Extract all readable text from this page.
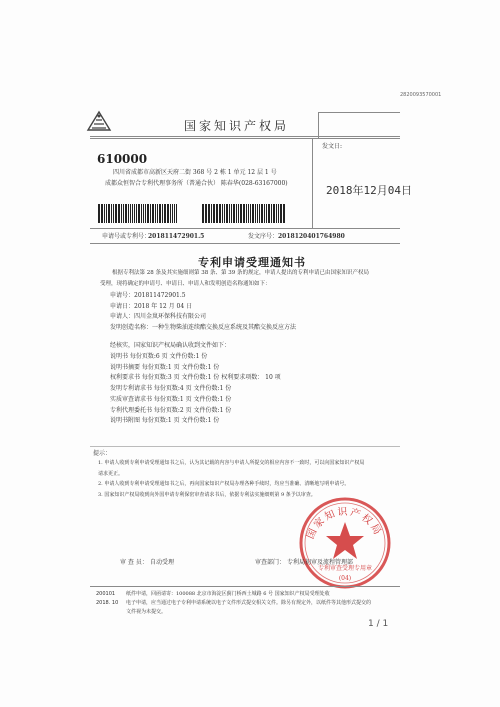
2820093570001
国家知识产权局
610000
四川省成都市高新区天府二街 368 号 2 栋 1 单元 12 层 1 号
成都众恒智合专利代理事务所（普通合伙） 陈春华(028-63167000)
发文日:
2018年12月04日
申请号或专利号：
201811472901.5	发文序号： 2018120401764980
专利申请受理通知书
根据专利法第 28 条及其实施细则第 38 条、第 39 条的规定，申请人提出的专利申请已由国家知识产权局
受理，现将确定的申请号、申请日、申请人和发明创造名称通知如下：
申请号：201811472901.5
申请日：2018 年 12 月 04 日
申请人：四川金岚环保科技有限公司
发明创造名称：一种生物柴油连续酯交换反应系统及其酯交换反应方法
经核实，国家知识产权局确认收到文件如下：
说明书 每份页数:6 页 文件份数:1 份
说明书摘要 每份页数:1 页 文件份数:1 份
权利要求书 每份页数:3 页 文件份数:1 份 权利要求项数： 10 项
发明专利请求书 每份页数:4 页 文件份数:1 份
实质审查请求书 每份页数:1 页 文件份数:1 份
专利代理委托书 每份页数:2 页 文件份数:1 份
说明书附图 每份页数:1 页 文件份数:1 份
提示：
1. 申请人收到专利申请受理通知书之后，认为其记载的内容与申请人所提交的相应内容不一致时，可以向国家知识产权局
请求更正。
2. 申请人收到专利申请受理通知书之后，再向国家知识产权局办理各种手续时，均应当准确、清晰地写明申请号。
3. 国家知识产权局收到向外国申请专利保密审查请求书后，依据专利法实施细则第 9 条予以审查。
国家知识产权局
专利审查受理专用章
(04)
审 查 员： 自动受理	审查部门： 专利局初审及流程管理部
200101
2018. 10
纸件申请，回函请寄：100088 北京市海淀区蓟门桥西土城路 6 号 国家知识产权局受理处收
电子申请，应当通过电子专利申请系统以电子文件形式提交相关文件。除另有规定外，以纸件等其他形式提交的
文件视为未提交。
1 / 1
